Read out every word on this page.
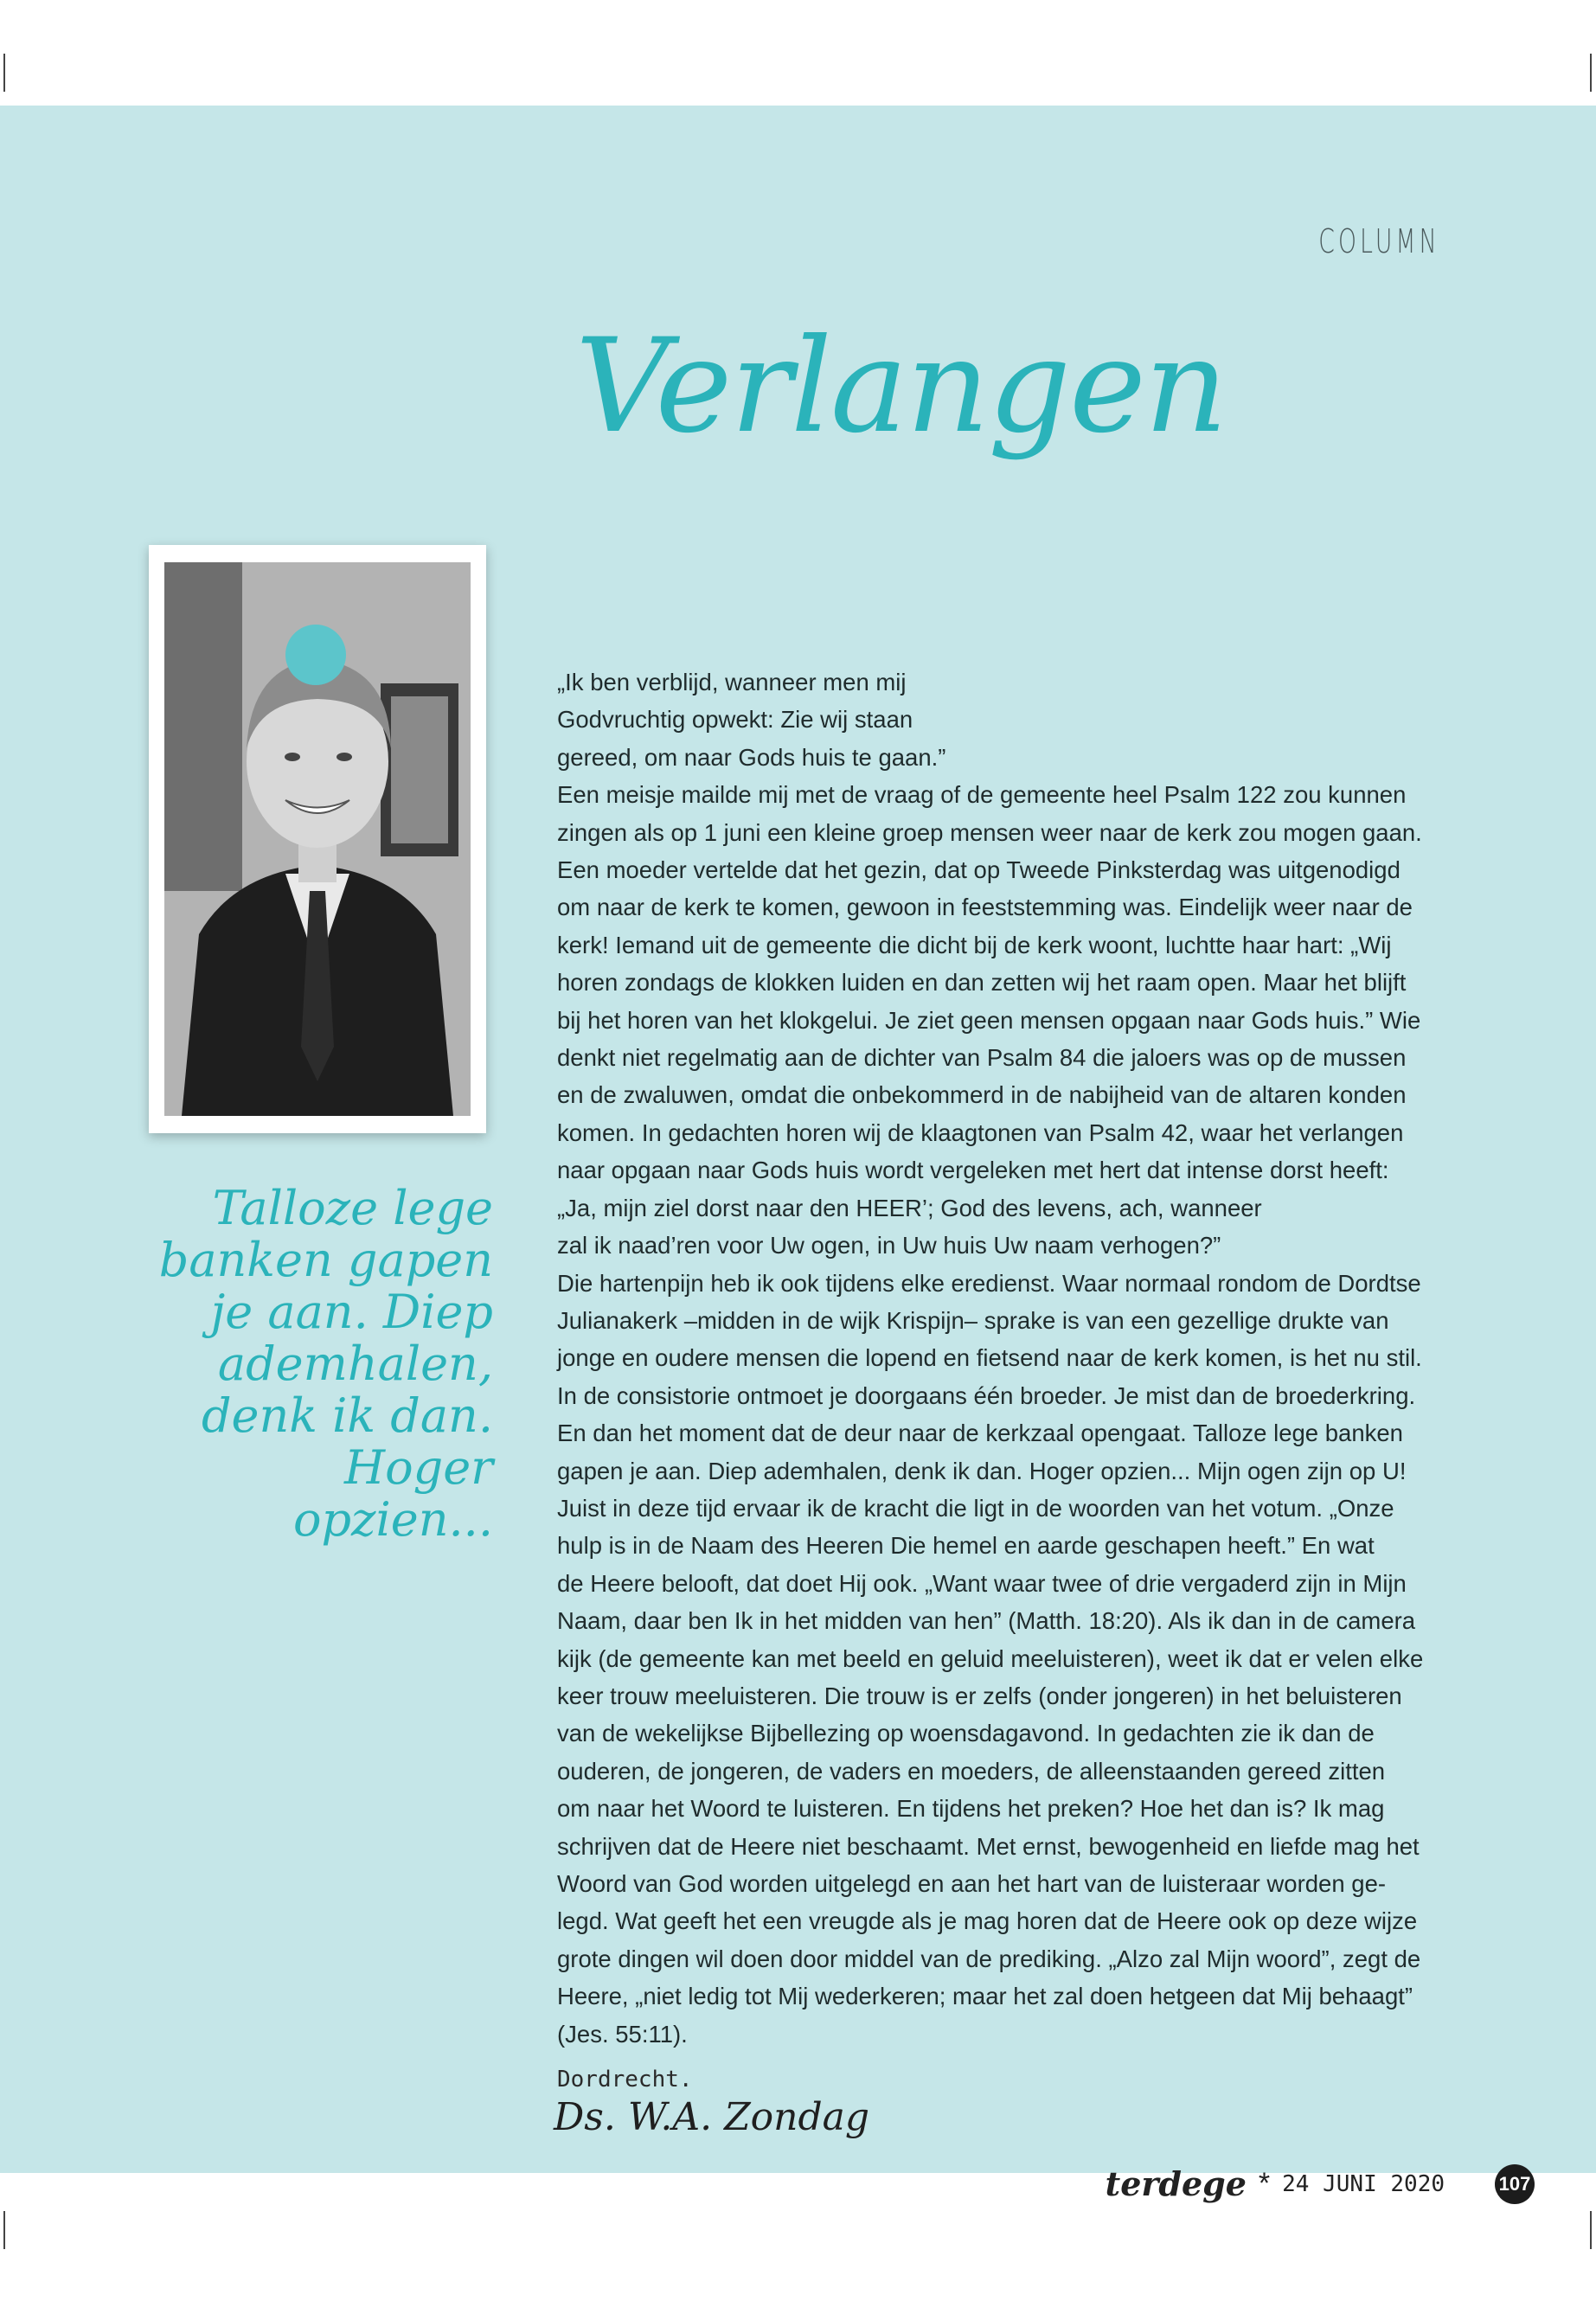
COLUMN
Verlangen
Talloze lege
banken gapen
je aan. Diep
ademhalen,
denk ik dan.
Hoger opzien...

„Ik ben verblijd, wanneer men mij
Godvruchtig opwekt: Zie wij staan
gereed, om naar Gods huis te gaan.”
Een meisje mailde mij met de vraag of de gemeente heel Psalm 122 zou kunnen
zingen als op 1 juni een kleine groep mensen weer naar de kerk zou mogen gaan.
Een moeder vertelde dat het gezin, dat op Tweede Pinksterdag was uitgenodigd
om naar de kerk te komen, gewoon in feeststemming was. Eindelijk weer naar de
kerk! Iemand uit de gemeente die dicht bij de kerk woont, luchtte haar hart: „Wij
horen zondags de klokken luiden en dan zetten wij het raam open. Maar het blijft
bij het horen van het klokgelui. Je ziet geen mensen opgaan naar Gods huis.” Wie
denkt niet regelmatig aan de dichter van Psalm 84 die jaloers was op de mussen
en de zwaluwen, omdat die onbekommerd in de nabijheid van de altaren konden
komen. In gedachten horen wij de klaagtonen van Psalm 42, waar het verlangen
naar opgaan naar Gods huis wordt vergeleken met hert dat intense dorst heeft:
„Ja, mijn ziel dorst naar den HEER’; God des levens, ach, wanneer
zal ik naad’ren voor Uw ogen, in Uw huis Uw naam verhogen?”
Die hartenpijn heb ik ook tijdens elke eredienst. Waar normaal rondom de Dordtse
Julianakerk –midden in de wijk Krispijn– sprake is van een gezellige drukte van
jonge en oudere mensen die lopend en fietsend naar de kerk komen, is het nu stil.
In de consistorie ontmoet je doorgaans één broeder. Je mist dan de broederkring.
En dan het moment dat de deur naar de kerkzaal opengaat. Talloze lege banken
gapen je aan. Diep ademhalen, denk ik dan. Hoger opzien... Mijn ogen zijn op U!
Juist in deze tijd ervaar ik de kracht die ligt in de woorden van het votum. „Onze
hulp is in de Naam des Heeren Die hemel en aarde geschapen heeft.” En wat
de Heere belooft, dat doet Hij ook. „Want waar twee of drie vergaderd zijn in Mijn
Naam, daar ben Ik in het midden van hen” (Matth. 18:20). Als ik dan in de camera
kijk (de gemeente kan met beeld en geluid meeluisteren), weet ik dat er velen elke
keer trouw meeluisteren. Die trouw is er zelfs (onder jongeren) in het beluisteren
van de wekelijkse Bijbellezing op woensdagavond. In gedachten zie ik dan de
ouderen, de jongeren, de vaders en moeders, de alleenstaanden gereed zitten
om naar het Woord te luisteren. En tijdens het preken? Hoe het dan is? Ik mag
schrijven dat de Heere niet beschaamt. Met ernst, bewogenheid en liefde mag het
Woord van God worden uitgelegd en aan het hart van de luisteraar worden ge-
legd. Wat geeft het een vreugde als je mag horen dat de Heere ook op deze wijze
grote dingen wil doen door middel van de prediking. „Alzo zal Mijn woord”, zegt de
Heere, „niet ledig tot Mij wederkeren; maar het zal doen hetgeen dat Mij behaagt”
(Jes. 55:11).

Dordrecht.
Ds. W.A. Zondag
terdege * 24 JUNI 2020	107
